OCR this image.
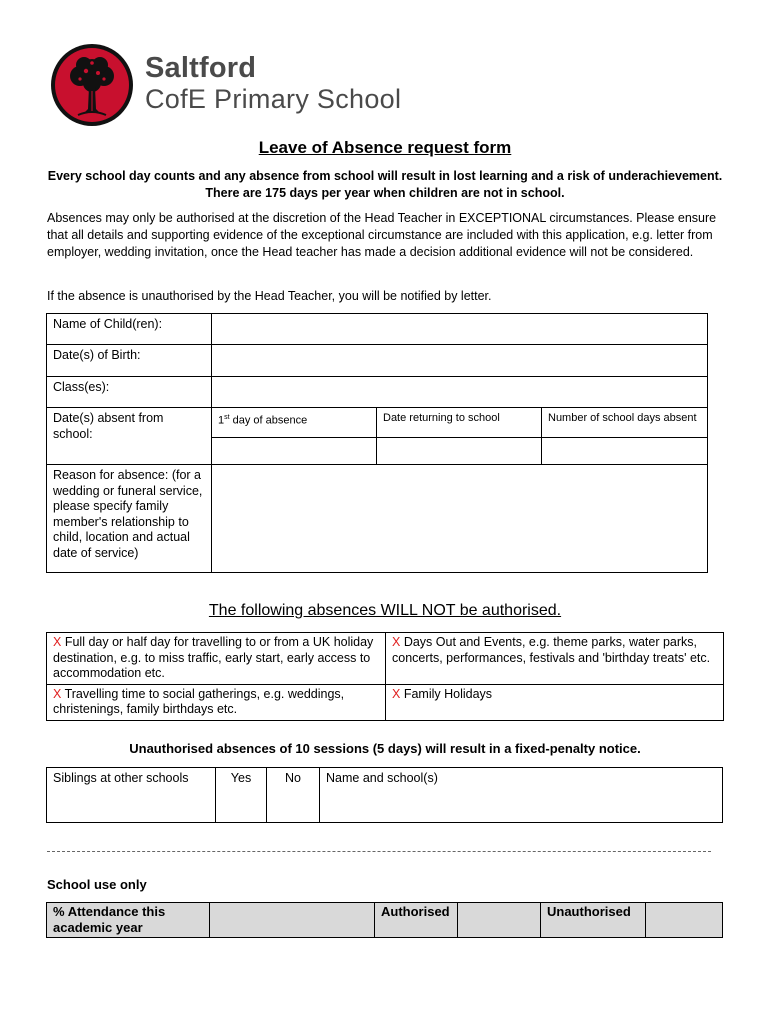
Saltford
CofE Primary School
Leave of Absence request form
Every school day counts and any absence from school will result in lost learning and a risk of underachievement. There are 175 days per year when children are not in school.
Absences may only be authorised at the discretion of the Head Teacher in EXCEPTIONAL circumstances. Please ensure that all details and supporting evidence of the exceptional circumstance are included with this application, e.g. letter from employer, wedding invitation, once the Head teacher has made a decision additional evidence will not be considered.
If the absence is unauthorised by the Head Teacher, you will be notified by letter.
Name of Child(ren):			
Date(s) of Birth:			
Class(es):			
Date(s) absent from school:	1st day of absence	Date returning to school	Number of school days absent

Reason for absence: (for a wedding or funeral service, please specify family member's relationship to child, location and actual date of service)			
The following absences WILL NOT be authorised.
X Full day or half day for travelling to or from a UK holiday destination, e.g. to miss traffic, early start, early access to accommodation etc.	X Days Out and Events, e.g. theme parks, water parks, concerts, performances, festivals and 'birthday treats' etc.
X Travelling time to social gatherings, e.g. weddings, christenings, family birthdays etc.	X Family Holidays
Unauthorised absences of 10 sessions (5 days) will result in a fixed-penalty notice.
Siblings at other schools	Yes	No	Name and school(s)
School use only
% Attendance this academic year		Authorised		Unauthorised	
